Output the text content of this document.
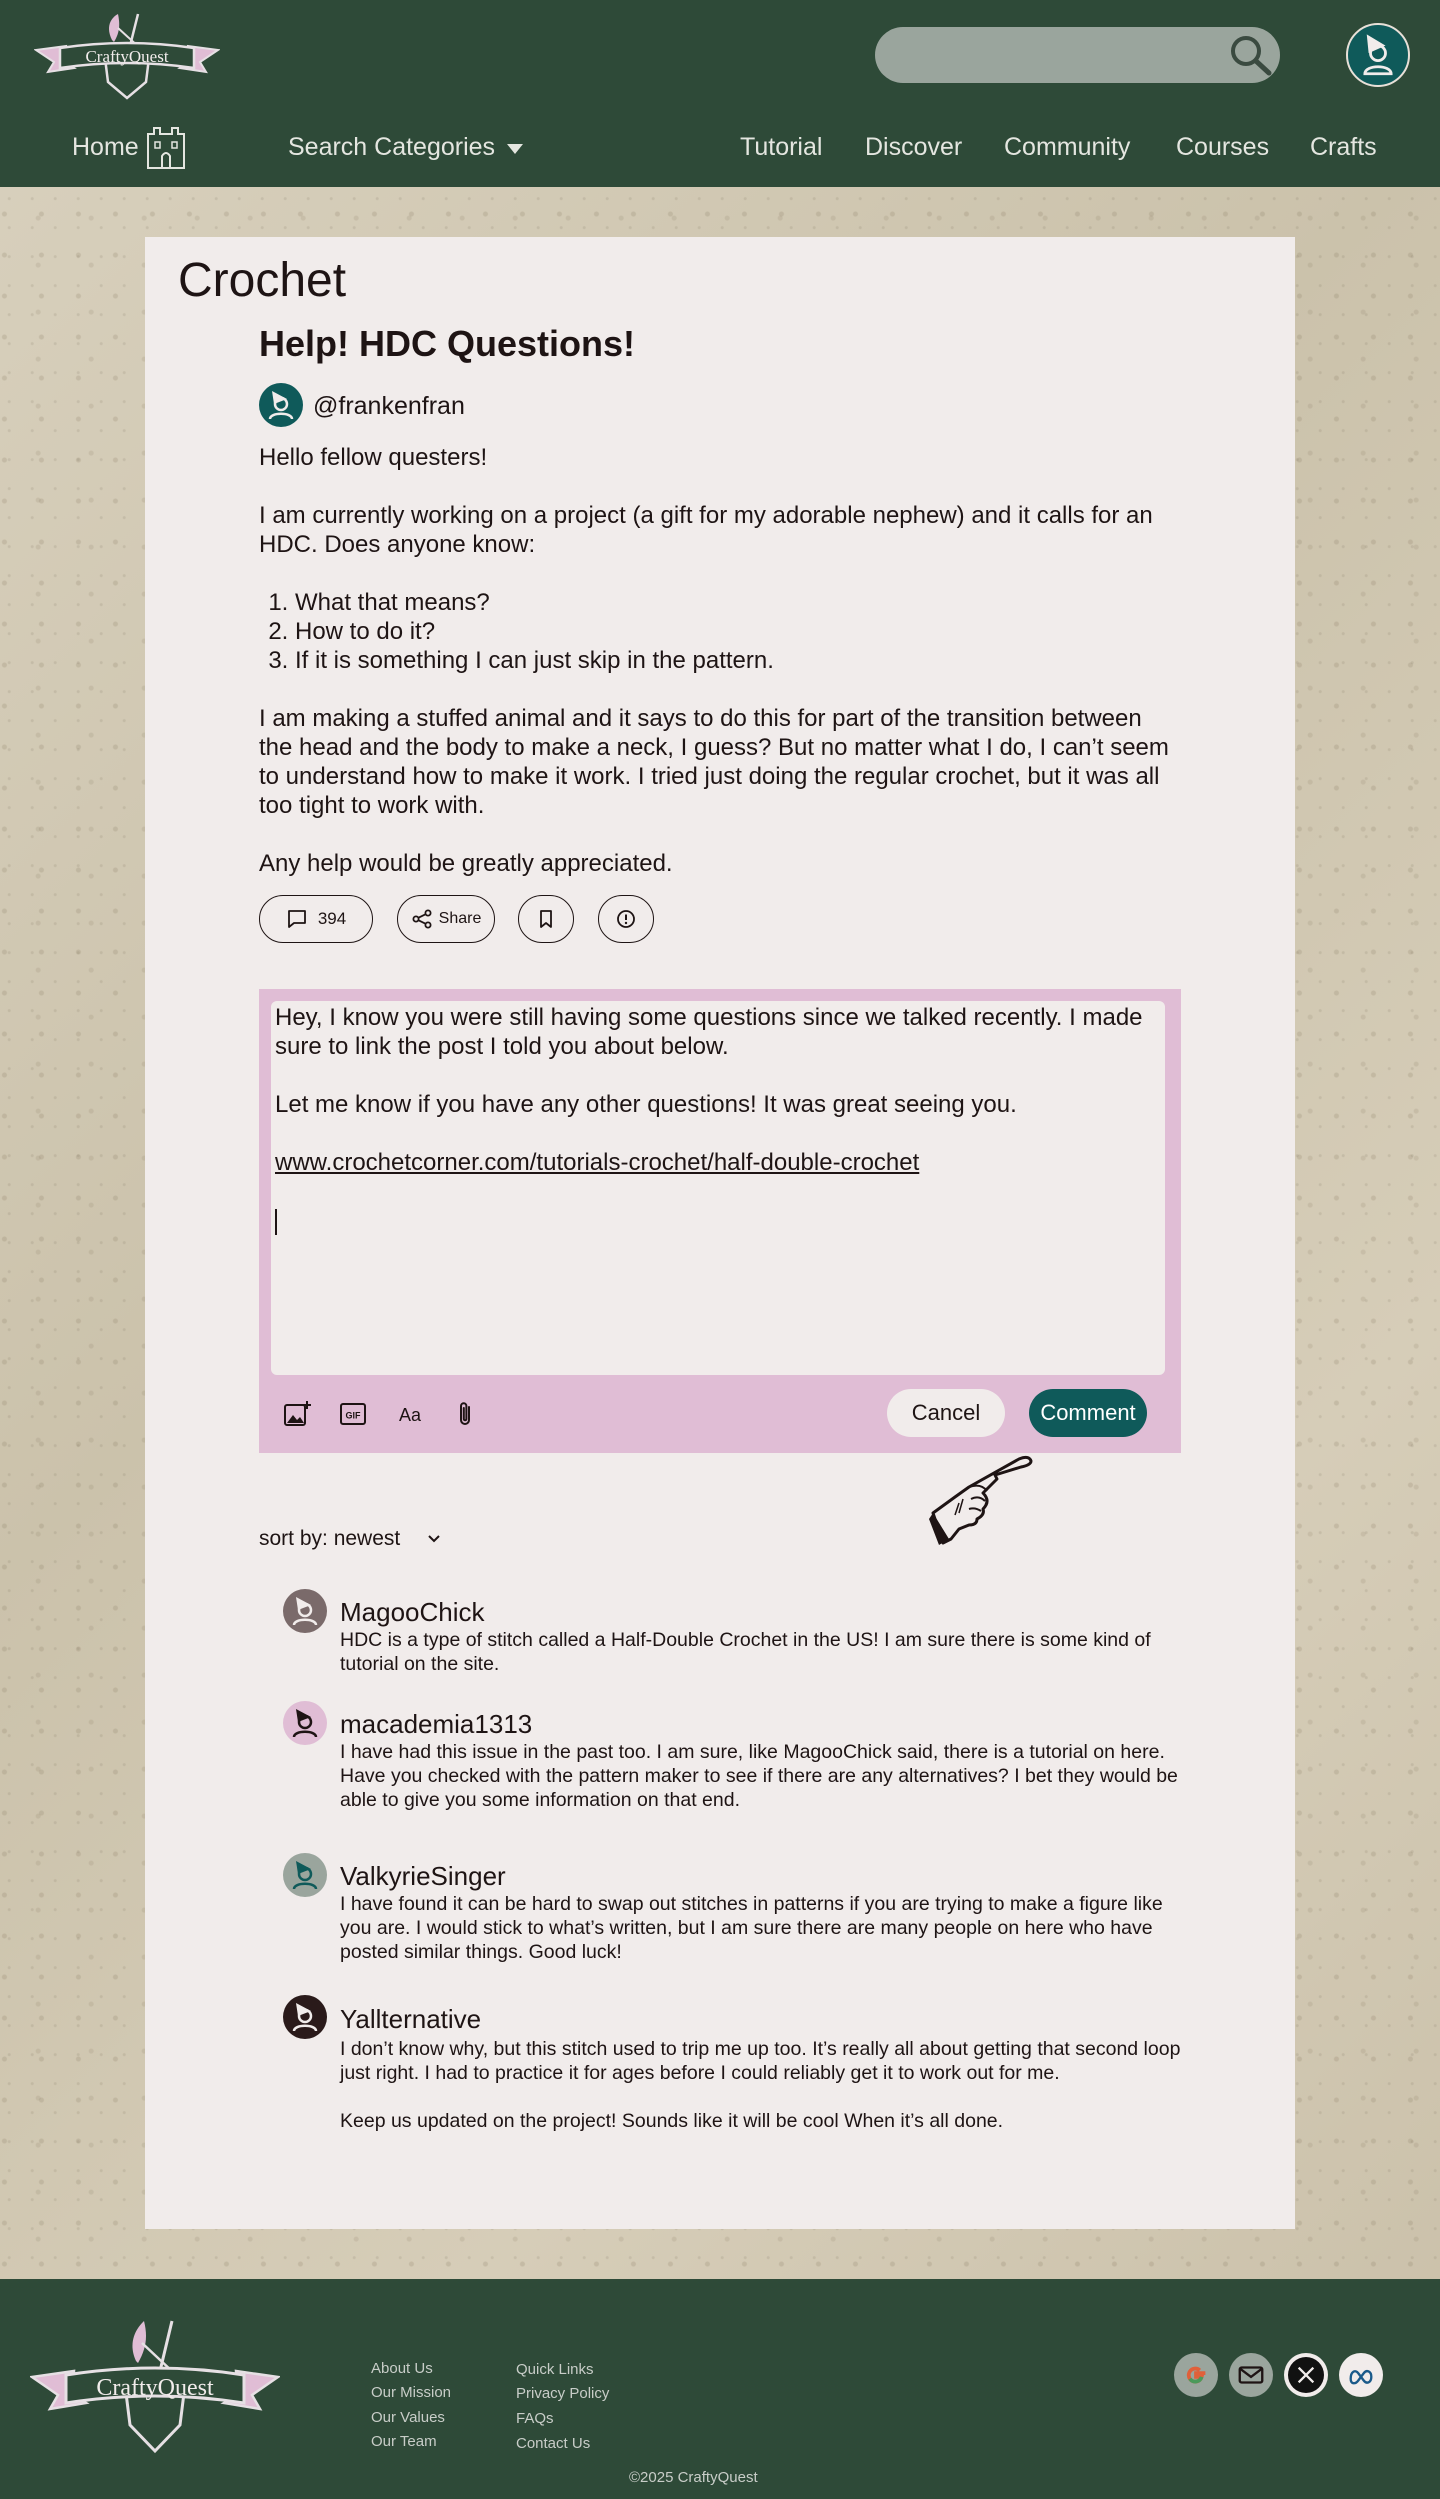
CraftyQuest
Home	Search Categories	Tutorial Discover Community Courses Crafts
Crochet
Help! HDC Questions!
@frankenfran

Hello fellow questers!

I am currently working on a project (a gift for my adorable nephew) and it calls for an HDC. Does anyone know:

1. What that means?
2. How to do it?
3. If it is something I can just skip in the pattern.

I am making a stuffed animal and it says to do this for part of the transition between the head and the body to make a neck, I guess? But no matter what I do, I can’t seem to understand how to make it work. I tried just doing the regular crochet, but it was all too tight to work with.

Any help would be greatly appreciated.

394	Share

Hey, I know you were still having some questions since we talked recently. I made sure to link the post I told you about below.

Let me know if you have any other questions! It was great seeing you.

www.crochetcorner.com/tutorials-crochet/half-double-crochet

GIF Aa	Cancel	Comment
sort by: newest
MagooChick

HDC is a type of stitch called a Half-Double Crochet in the US! I am sure there is some kind of tutorial on the site.

macademia1313

I have had this issue in the past too. I am sure, like MagooChick said, there is a tutorial on here. Have you checked with the pattern maker to see if there are any alternatives? I bet they would be able to give you some information on that end.

ValkyrieSinger

I have found it can be hard to swap out stitches in patterns if you are trying to make a figure like you are. I would stick to what’s written, but I am sure there are many people on here who have posted similar things. Good luck!

Yallternative

I don’t know why, but this stitch used to trip me up too. It’s really all about getting that second loop just right. I had to practice it for ages before I could reliably get it to work out for me.

Keep us updated on the project! Sounds like it will be cool When it’s all done.

CraftyQuest
About Us
Our Mission
Our Values
Our Team
Quick Links
Privacy Policy
FAQs
Contact Us
©2025 CraftyQuest
